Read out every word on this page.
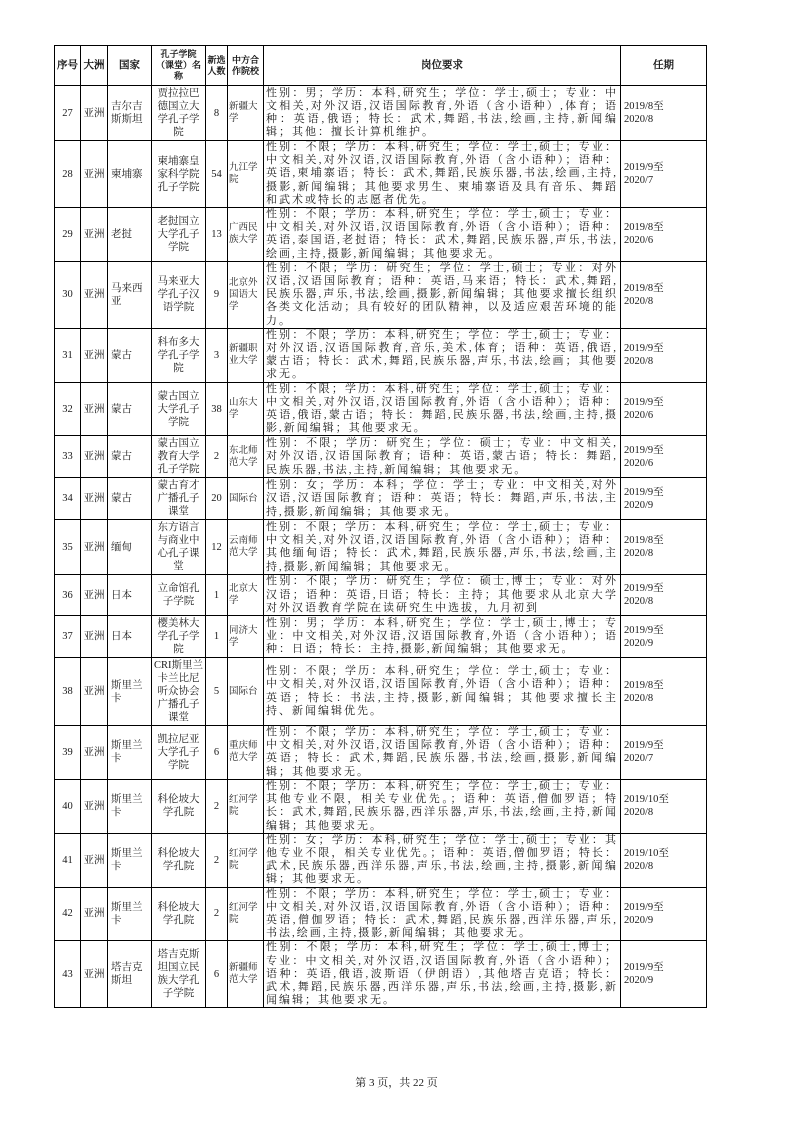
序号	大洲	国家	孔子学院（课堂）名称	新选人数	中方合作院校	岗位要求	任期
27	亚洲	吉尔吉斯斯坦	贾拉拉巴德国立大学孔子学院	8	新疆大学	性别：男；学历：本科,研究生；学位：学士,硕士；专业：中文相关,对外汉语,汉语国际教育,外语（含小语种）,体育；语种：英语,俄语；特长：武术,舞蹈,书法,绘画,主持,新闻编辑；其他：擅长计算机维护。	2019/8至2020/8
28	亚洲	柬埔寨	柬埔寨皇家科学院孔子学院	54	九江学院	性别：不限；学历：本科,研究生；学位：学士,硕士；专业：中文相关,对外汉语,汉语国际教育,外语（含小语种）；语种：英语,柬埔寨语；特长：武术,舞蹈,民族乐器,书法,绘画,主持,摄影,新闻编辑；其他要求男生、柬埔寨语及具有音乐、舞蹈和武术或特长的志愿者优先。	2019/9至2020/7
29	亚洲	老挝	老挝国立大学孔子学院	13	广西民族大学	性别：不限；学历：本科,研究生；学位：学士,硕士；专业：中文相关,对外汉语,汉语国际教育,外语（含小语种）；语种：英语,泰国语,老挝语；特长：武术,舞蹈,民族乐器,声乐,书法,绘画,主持,摄影,新闻编辑；其他要求无。	2019/8至2020/6
30	亚洲	马来西亚	马来亚大学孔子汉语学院	9	北京外国语大学	性别：不限；学历：研究生；学位：学士,硕士；专业：对外汉语,汉语国际教育；语种：英语,马来语；特长：武术,舞蹈,民族乐器,声乐,书法,绘画,摄影,新闻编辑；其他要求擅长组织各类文化活动；具有较好的团队精神，以及适应艰苦环境的能力。	2019/8至2020/8
31	亚洲	蒙古	科布多大学孔子学院	3	新疆职业大学	性别：不限；学历：本科,研究生；学位：学士,硕士；专业：对外汉语,汉语国际教育,音乐,美术,体育；语种：英语,俄语,蒙古语；特长：武术,舞蹈,民族乐器,声乐,书法,绘画；其他要求无。	2019/9至2020/8
32	亚洲	蒙古	蒙古国立大学孔子学院	38	山东大学	性别：不限；学历：本科,研究生；学位：学士,硕士；专业：中文相关,对外汉语,汉语国际教育,外语（含小语种）；语种：英语,俄语,蒙古语；特长：舞蹈,民族乐器,书法,绘画,主持,摄影,新闻编辑；其他要求无。	2019/9至2020/6
33	亚洲	蒙古	蒙古国立教育大学孔子学院	2	东北师范大学	性别：不限；学历：研究生；学位：硕士；专业：中文相关,对外汉语,汉语国际教育；语种：英语,蒙古语；特长：舞蹈,民族乐器,书法,主持,新闻编辑；其他要求无。	2019/9至2020/6
34	亚洲	蒙古	蒙古育才广播孔子课堂	20	国际台	性别：女；学历：本科；学位：学士；专业：中文相关,对外汉语,汉语国际教育；语种：英语；特长：舞蹈,声乐,书法,主持,摄影,新闻编辑；其他要求无。	2019/9至2020/9
35	亚洲	缅甸	东方语言与商业中心孔子课堂	12	云南师范大学	性别：不限；学历：本科,研究生；学位：学士,硕士；专业：中文相关,对外汉语,汉语国际教育,外语（含小语种）；语种：其他缅甸语；特长：武术,舞蹈,民族乐器,声乐,书法,绘画,主持,摄影,新闻编辑；其他要求无。	2019/8至2020/8
36	亚洲	日本	立命馆孔子学院	1	北京大学	性别：不限；学历：研究生；学位：硕士,博士；专业：对外汉语；语种：英语,日语；特长：主持；其他要求从北京大学对外汉语教育学院在读研究生中选拔，九月初到	2019/9至2020/8
37	亚洲	日本	樱美林大学孔子学院	1	同济大学	性别：男；学历：本科,研究生；学位：学士,硕士,博士；专业：中文相关,对外汉语,汉语国际教育,外语（含小语种）；语种：日语；特长：主持,摄影,新闻编辑；其他要求无。	2019/9至2020/9
38	亚洲	斯里兰卡	CRI斯里兰卡兰比尼听众协会广播孔子课堂	5	国际台	性别：不限；学历：本科,研究生；学位：学士,硕士；专业：中文相关,对外汉语,汉语国际教育,外语（含小语种）；语种：英语；特长：书法,主持,摄影,新闻编辑；其他要求擅长主持、新闻编辑优先。	2019/8至2020/8
39	亚洲	斯里兰卡	凯拉尼亚大学孔子学院	6	重庆师范大学	性别：不限；学历：本科,研究生；学位：学士,硕士；专业：中文相关,对外汉语,汉语国际教育,外语（含小语种）；语种：英语；特长：武术,舞蹈,民族乐器,书法,绘画,摄影,新闻编辑；其他要求无。	2019/9至2020/7
40	亚洲	斯里兰卡	科伦坡大学孔院	2	红河学院	性别：不限；学历：本科,研究生；学位：学士,硕士；专业：其他专业不限，相关专业优先。；语种：英语,僧伽罗语；特长：武术,舞蹈,民族乐器,西洋乐器,声乐,书法,绘画,主持,新闻编辑；其他要求无。	2019/10至2020/8
41	亚洲	斯里兰卡	科伦坡大学孔院	2	红河学院	性别：女；学历：本科,研究生；学位：学士,硕士；专业：其他专业不限，相关专业优先。；语种：英语,僧伽罗语；特长：武术,民族乐器,西洋乐器,声乐,书法,绘画,主持,摄影,新闻编辑；其他要求无。	2019/10至2020/8
42	亚洲	斯里兰卡	科伦坡大学孔院	2	红河学院	性别：不限；学历：本科,研究生；学位：学士,硕士；专业：中文相关,对外汉语,汉语国际教育,外语（含小语种）；语种：英语,僧伽罗语；特长：武术,舞蹈,民族乐器,西洋乐器,声乐,书法,绘画,主持,摄影,新闻编辑；其他要求无。	2019/9至2020/9
43	亚洲	塔吉克斯坦	塔吉克斯坦国立民族大学孔子学院	6	新疆师范大学	性别：不限；学历：本科,研究生；学位：学士,硕士,博士；专业：中文相关,对外汉语,汉语国际教育,外语（含小语种）；语种：英语,俄语,波斯语（伊朗语）,其他塔吉克语；特长：武术,舞蹈,民族乐器,西洋乐器,声乐,书法,绘画,主持,摄影,新闻编辑；其他要求无。	2019/9至2020/9
第 3 页，共 22 页
